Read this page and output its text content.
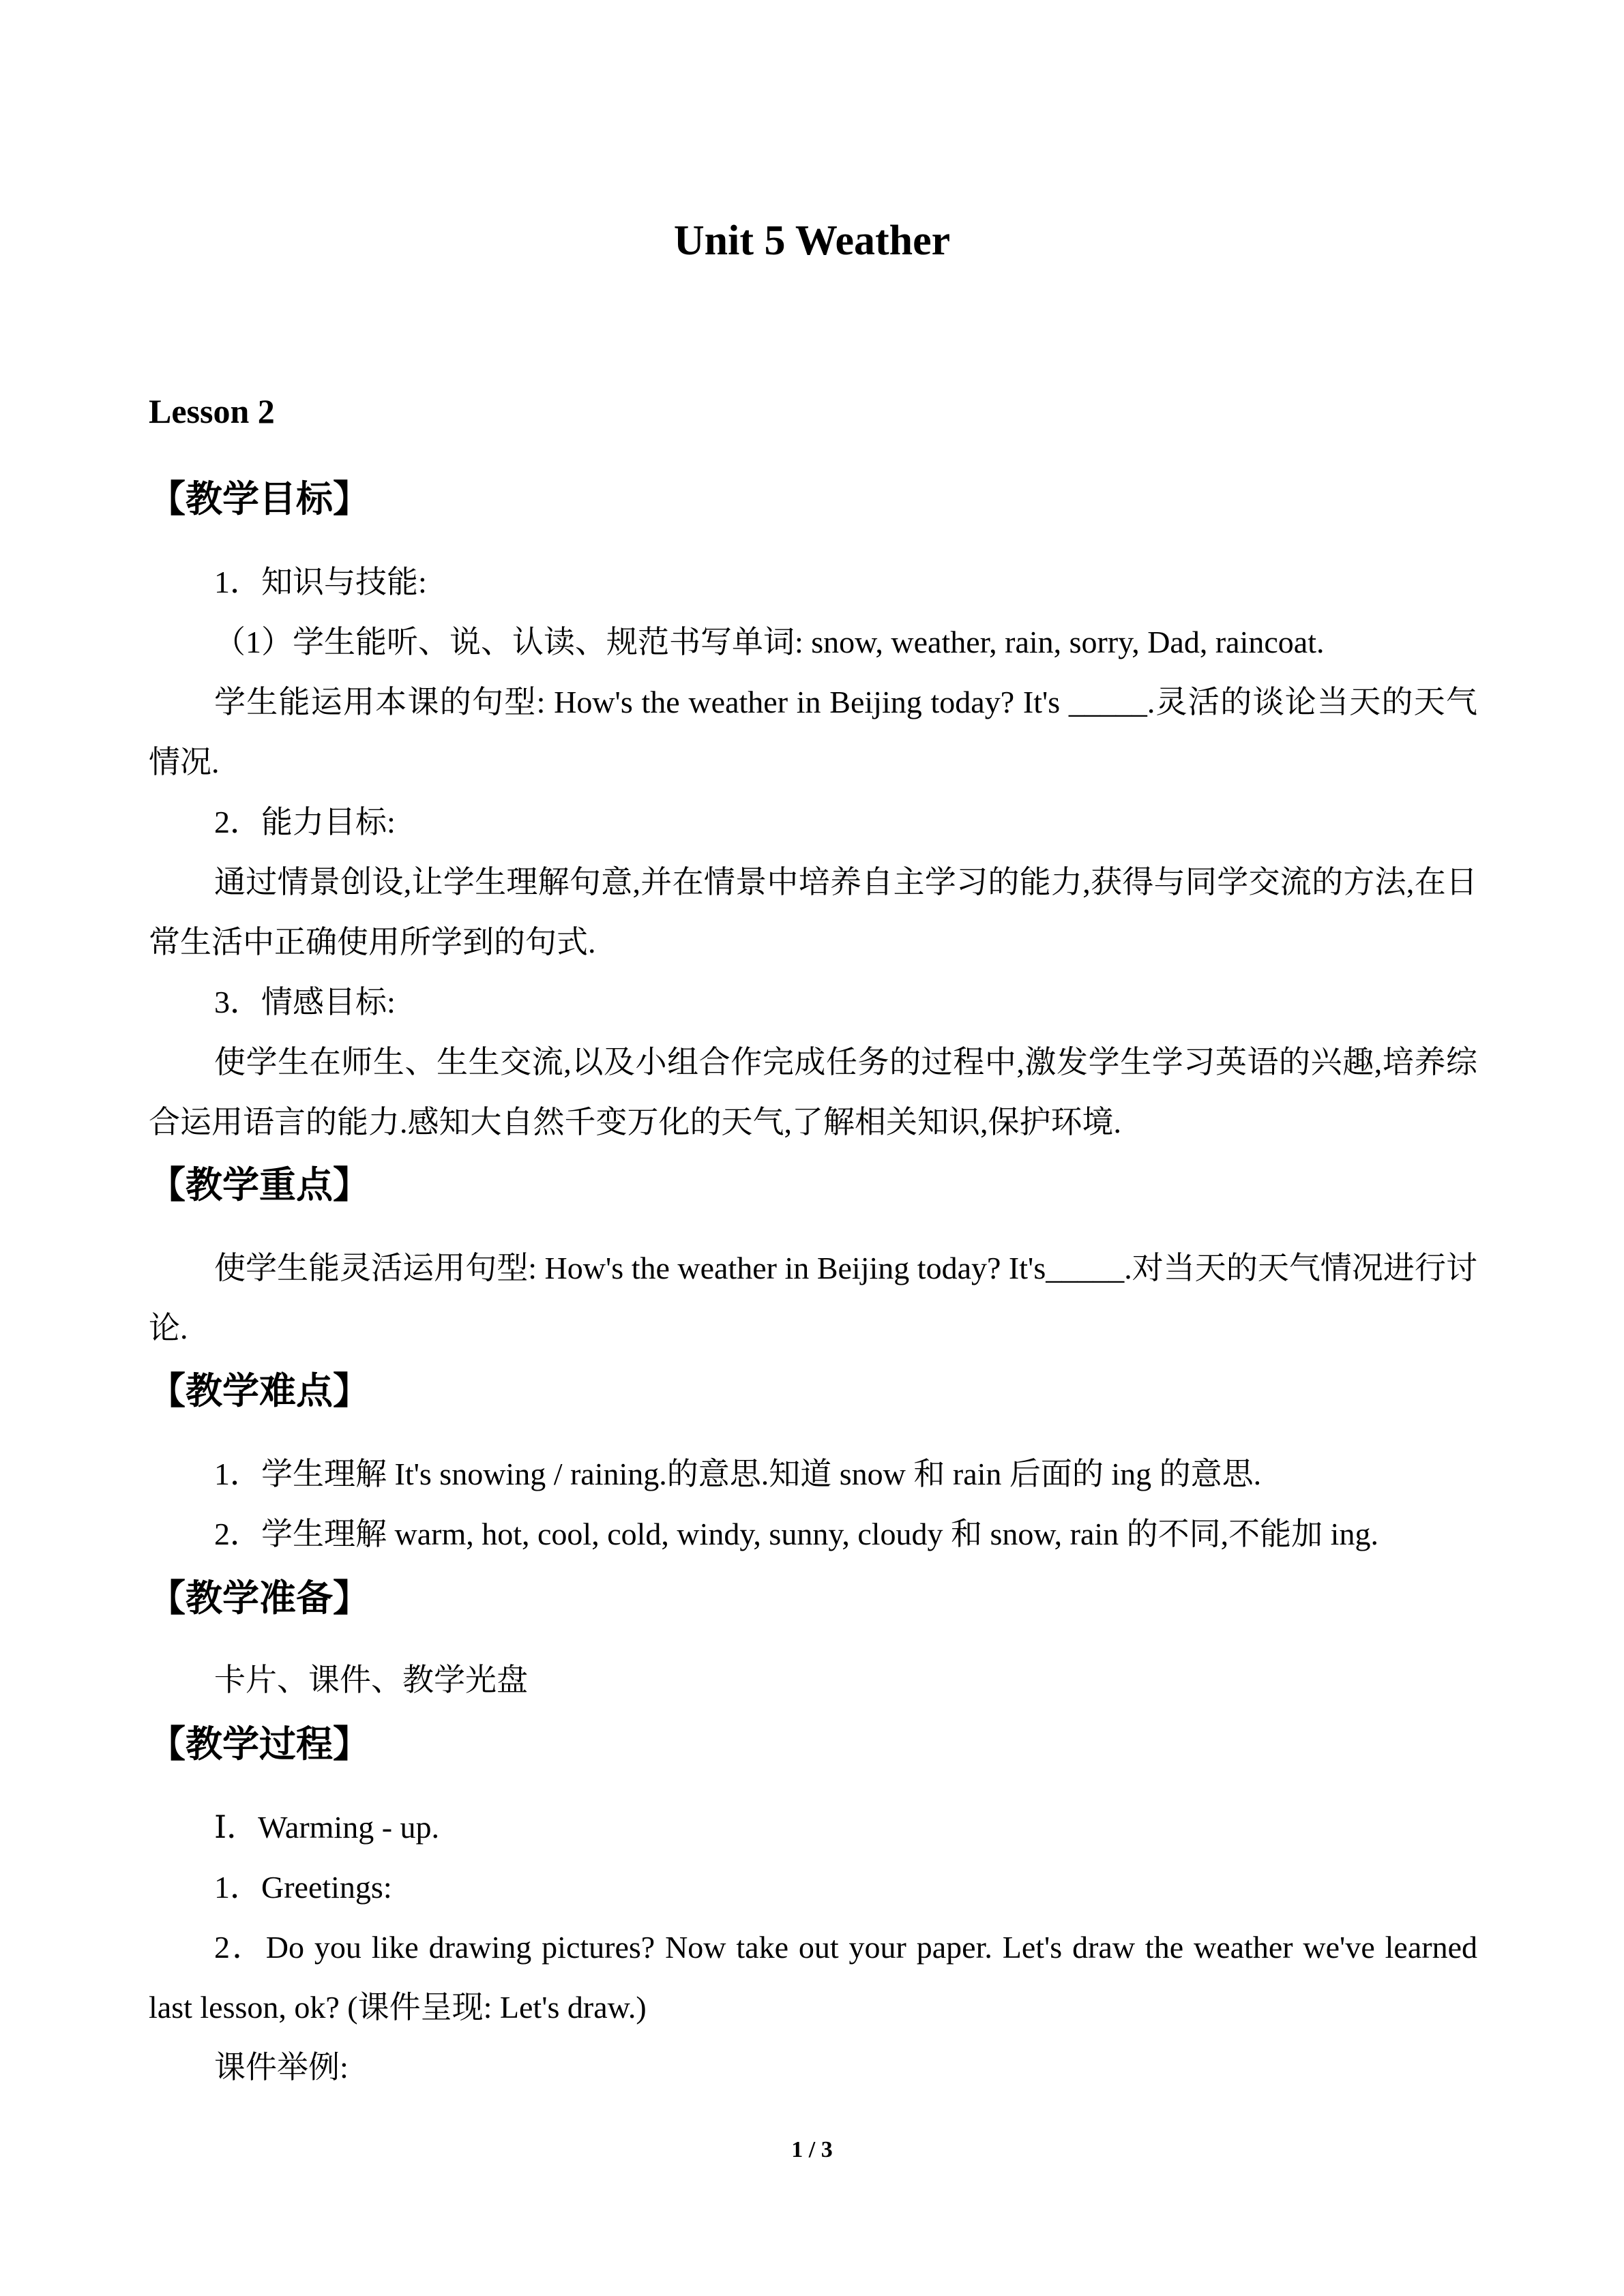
Unit 5 Weather
Lesson 2
【教学目标】
1．知识与技能:
（1）学生能听、说、认读、规范书写单词: snow, weather, rain, sorry, Dad, raincoat.
学生能运用本课的句型: How's the weather in Beijing today? It's _____.灵活的谈论当天的天气情况.
2．能力目标:
通过情景创设,让学生理解句意,并在情景中培养自主学习的能力,获得与同学交流的方法,在日常生活中正确使用所学到的句式.
3．情感目标:
使学生在师生、生生交流,以及小组合作完成任务的过程中,激发学生学习英语的兴趣,培养综合运用语言的能力.感知大自然千变万化的天气,了解相关知识,保护环境.
【教学重点】
使学生能灵活运用句型: How's the weather in Beijing today? It's_____.对当天的天气情况进行讨论.
【教学难点】
1．学生理解 It's snowing / raining.的意思.知道 snow 和 rain 后面的 ing 的意思.
2．学生理解 warm, hot, cool, cold, windy, sunny, cloudy 和 snow, rain 的不同,不能加 ing.
【教学准备】
卡片、课件、教学光盘
【教学过程】
Ⅰ．Warming - up.
1．Greetings:
2．Do you like drawing pictures? Now take out your paper. Let's draw the weather we've learned last lesson, ok? (课件呈现: Let's draw.)
课件举例:
1 / 3
